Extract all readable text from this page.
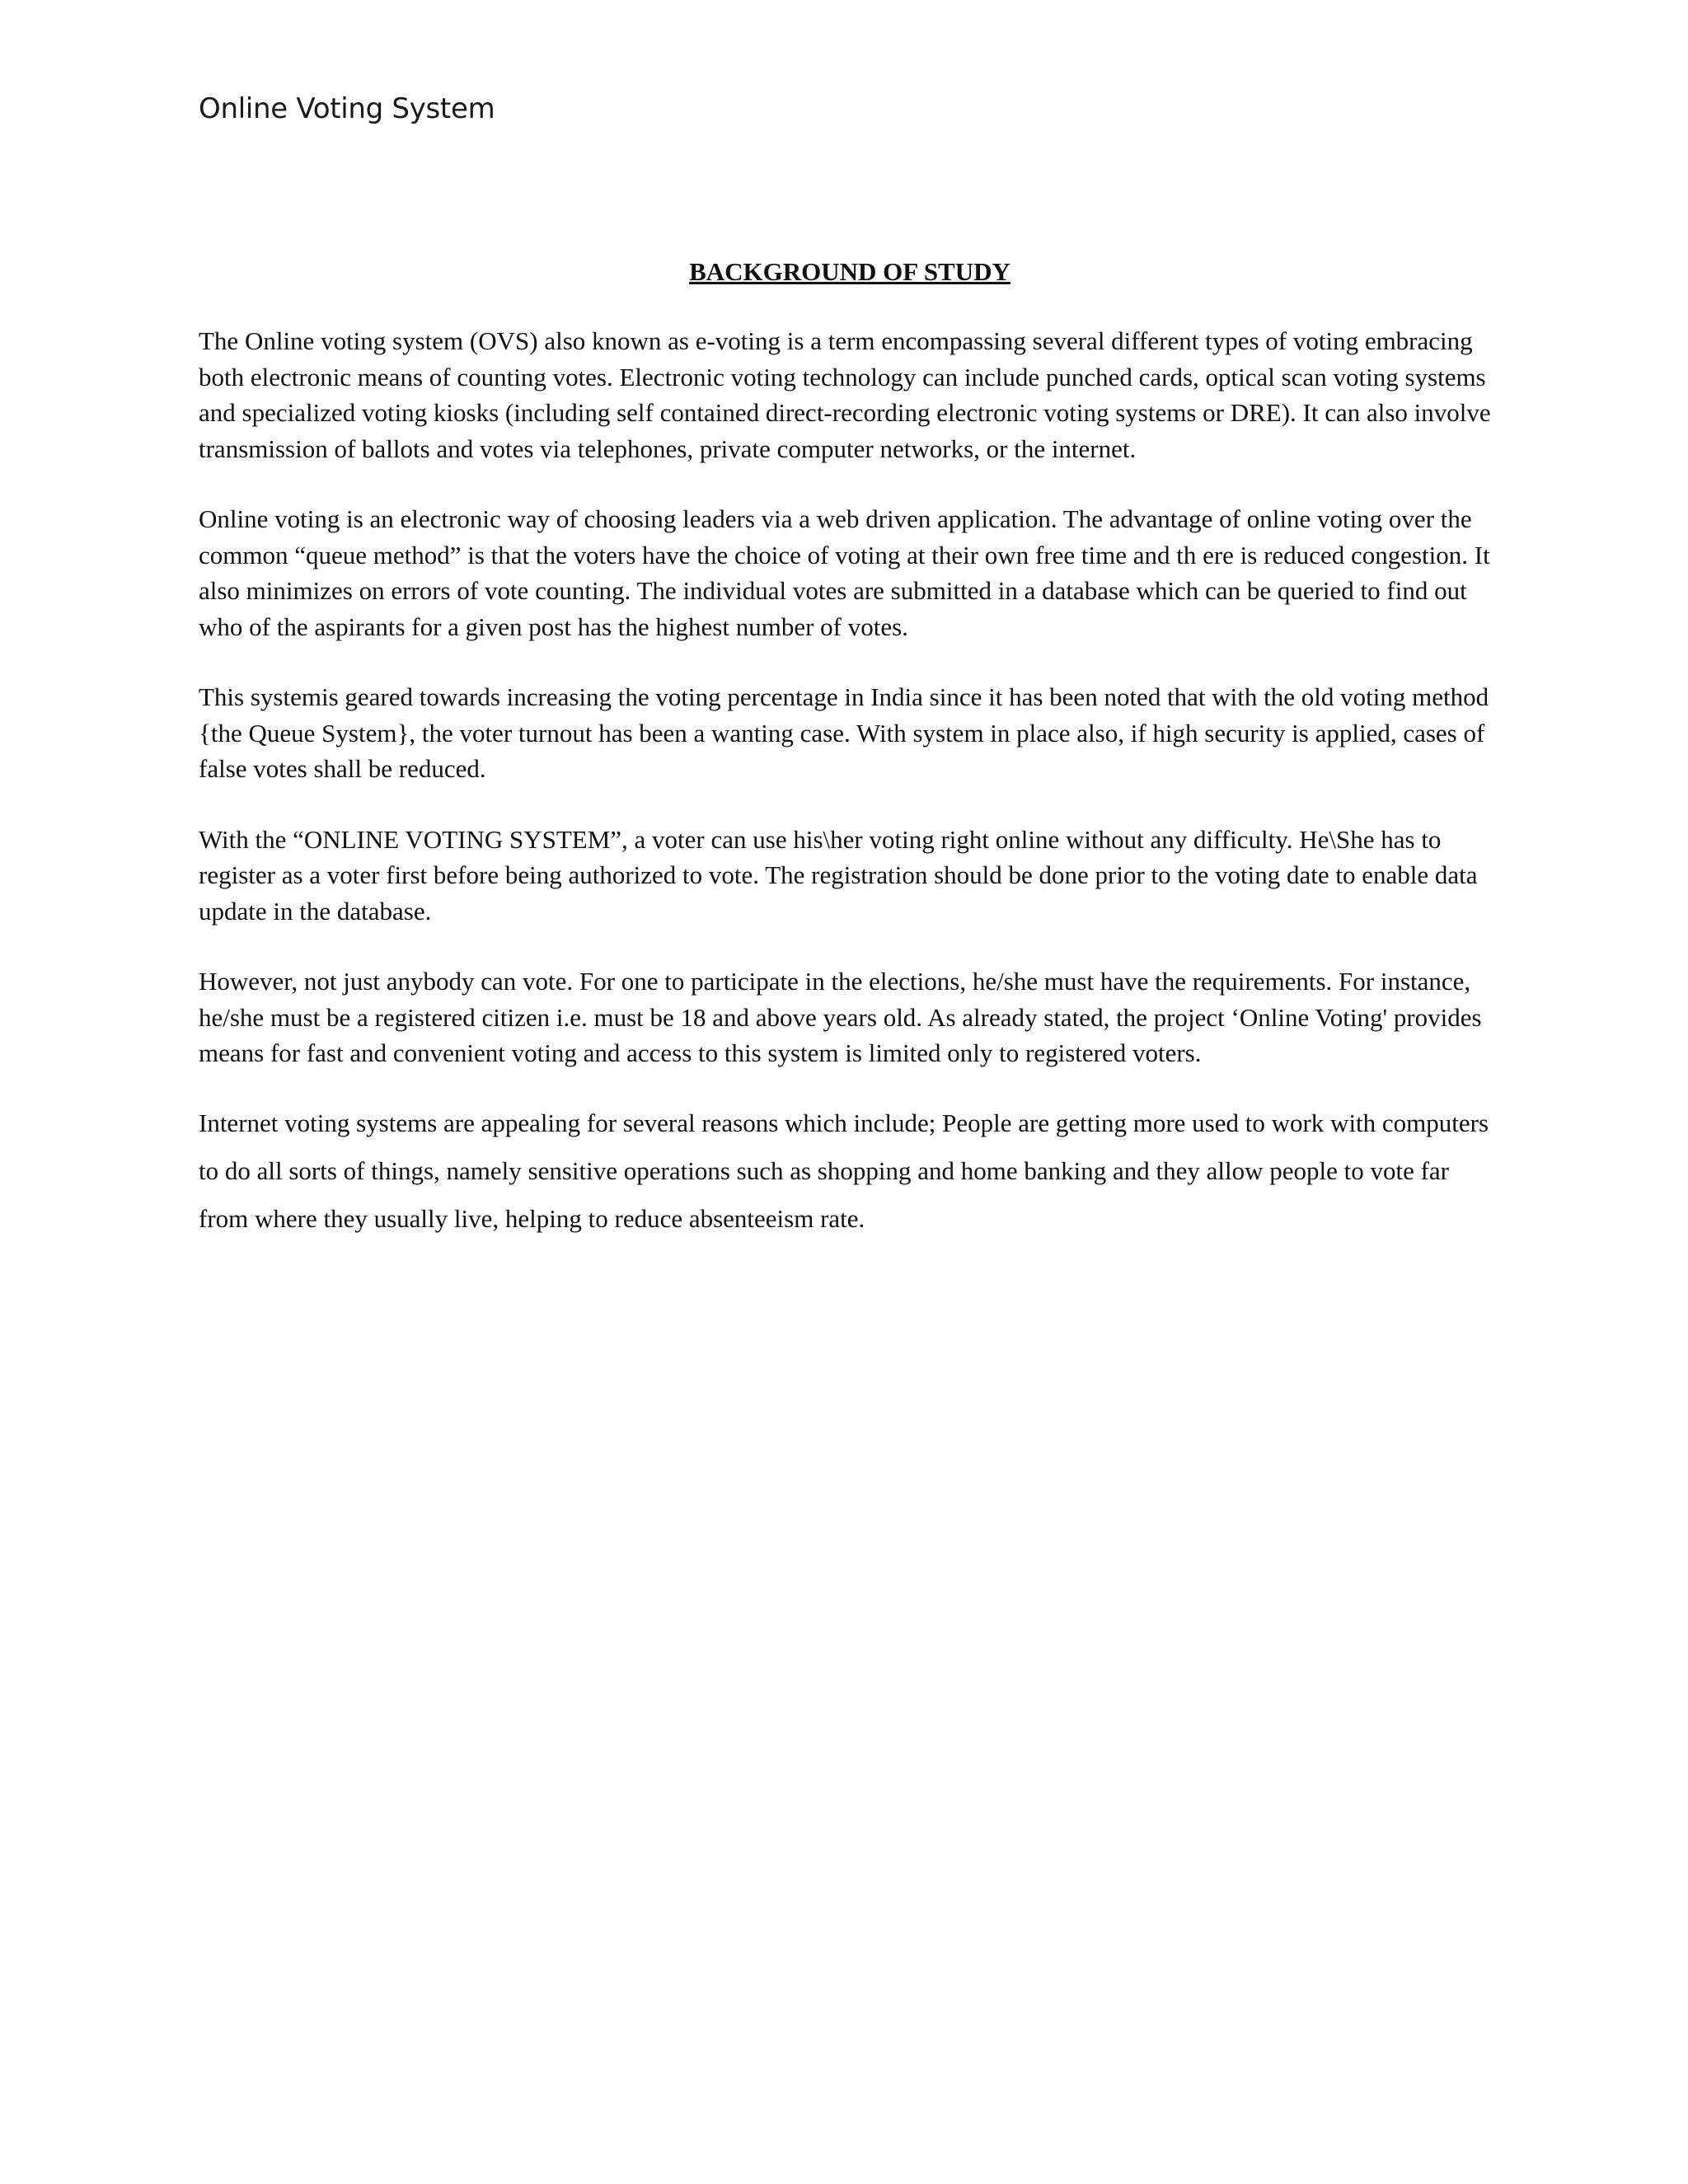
Online Voting System
BACKGROUND OF STUDY

The Online voting system (OVS) also known as e-voting is a term encompassing several different types of voting embracing both electronic means of counting votes. Electronic voting technology can include punched cards, optical scan voting systems and specialized voting kiosks (including self contained direct-recording electronic voting systems or DRE). It can also involve transmission of ballots and votes via telephones, private computer networks, or the internet.

Online voting is an electronic way of choosing leaders via a web driven application. The advantage of online voting over the common “queue method” is that the voters have the choice of voting at their own free time and th ere is reduced congestion. It also minimizes on errors of vote counting. The individual votes are submitted in a database which can be queried to find out who of the aspirants for a given post has the highest number of votes.

This systemis geared towards increasing the voting percentage in India since it has been noted that with the old voting method {the Queue System}, the voter turnout has been a wanting case. With system in place also, if high security is applied, cases of false votes shall be reduced.

With the “ONLINE VOTING SYSTEM”, a voter can use his\her voting right online without any difficulty. He\She has to register as a voter first before being authorized to vote. The registration should be done prior to the voting date to enable data update in the database.

However, not just anybody can vote. For one to participate in the elections, he/she must have the requirements. For instance, he/she must be a registered citizen i.e. must be 18 and above years old. As already stated, the project ‘Online Voting' provides means for fast and convenient voting and access to this system is limited only to registered voters.

Internet voting systems are appealing for several reasons which include; People are getting more used to work with computers to do all sorts of things, namely sensitive operations such as shopping and home banking and they allow people to vote far from where they usually live, helping to reduce absenteeism rate.
